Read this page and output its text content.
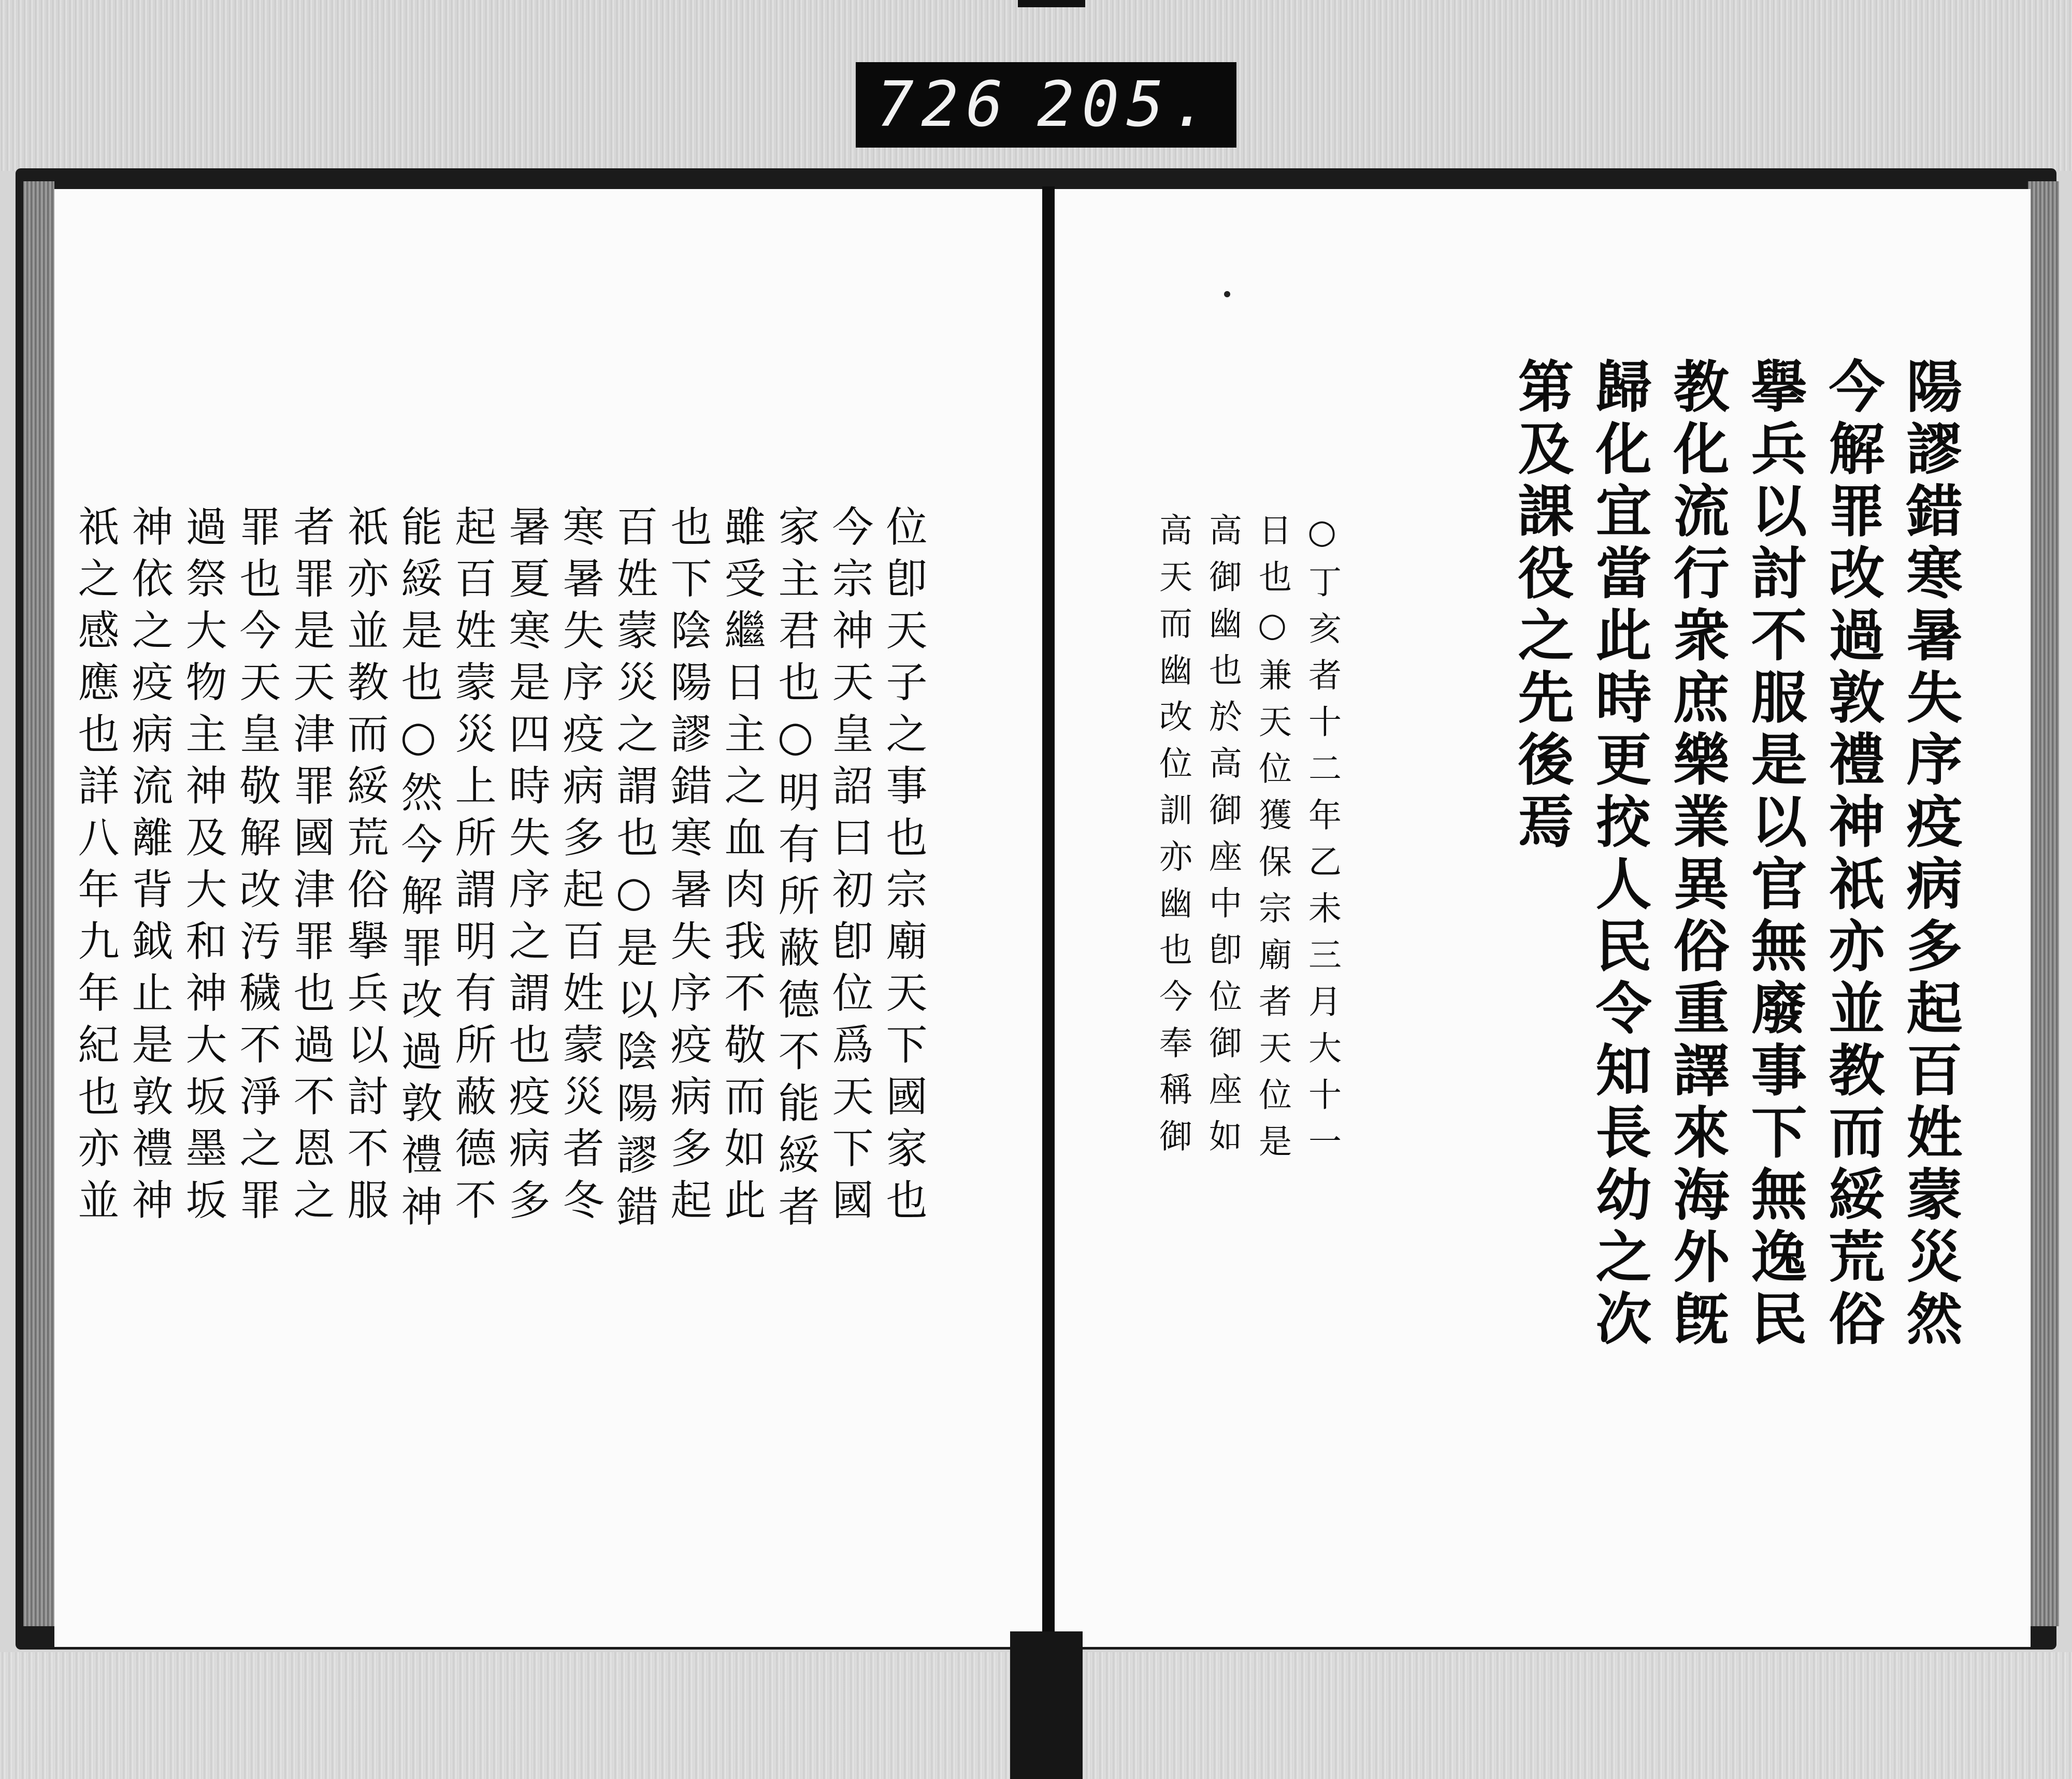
726 205.
位卽天子之事也宗廟天下國家也
今宗神天皇詔曰初卽位爲天下國
家主君也○明有所蔽德不能綏者
雖受繼日主之血肉我不敬而如此
也下陰陽謬錯寒暑失序疫病多起
百姓蒙災之謂也○是以陰陽謬錯
寒暑失序疫病多起百姓蒙災者冬
暑夏寒是四時失序之謂也疫病多
起百姓蒙災上所謂明有所蔽德不
能綏是也○然今解罪改過敦禮神
祇亦並教而綏荒俗擧兵以討不服
者罪是天津罪國津罪也過不恩之
罪也今天皇敬解改汚穢不淨之罪
過祭大物主神及大和神大坂墨坂
神依之疫病流離背鉞止是敦禮神
祇之感應也詳八年九年紀也亦並	陽謬錯寒暑失序疫病多起百姓蒙災然
今解罪改過敦禮神祇亦並教而綏荒俗
擧兵以討不服是以官無廢事下無逸民
教化流行衆庶樂業異俗重譯來海外旣
歸化宜當此時更挍人民令知長幼之次
第及課役之先後焉
○丁亥者十二年乙未三月大十一
日也○兼天位獲保宗廟者天位是
高御幽也於高御座中卽位御座如
高天而幽改位訓亦幽也今奉稱御
